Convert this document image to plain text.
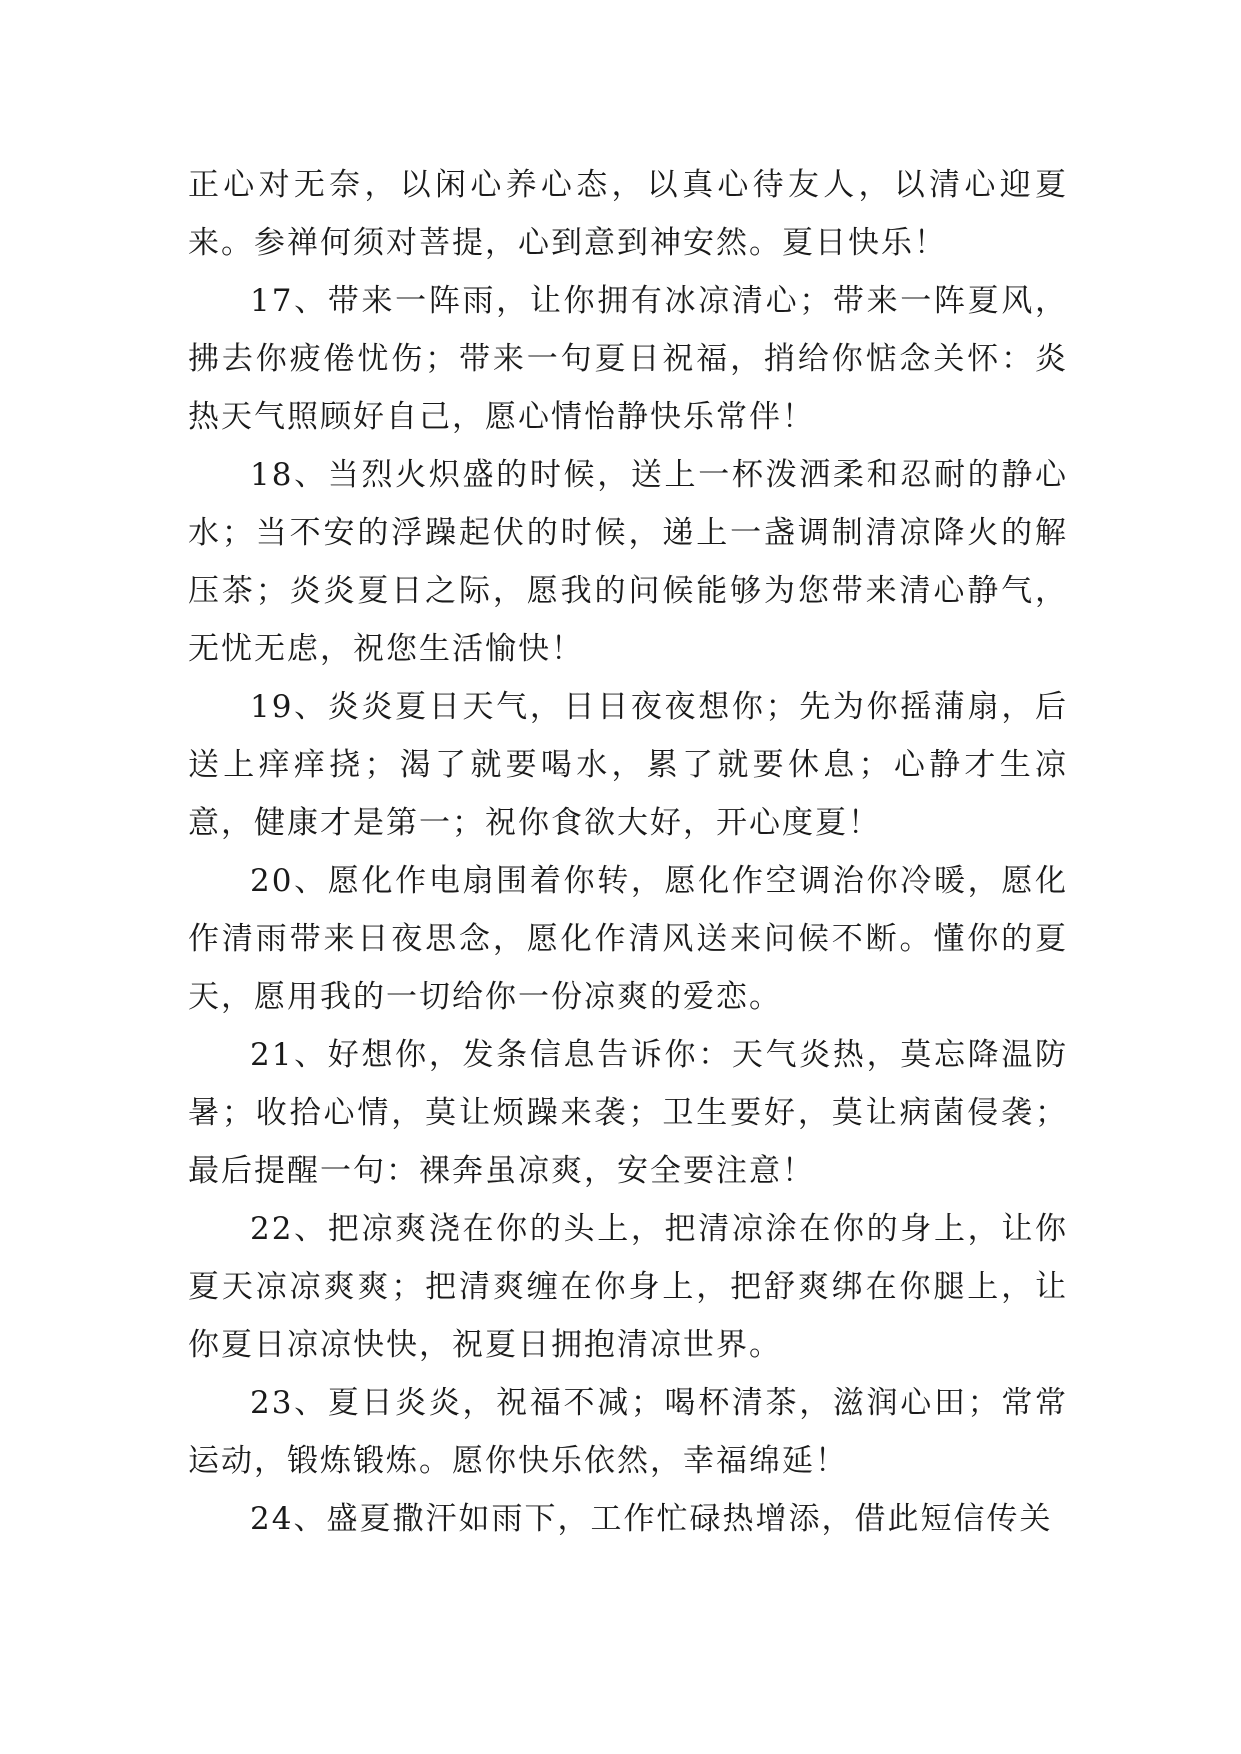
正心对无奈，以闲心养心态，以真心待友人，以清心迎夏来。参禅何须对菩提，心到意到神安然。夏日快乐！

17、带来一阵雨，让你拥有冰凉清心；带来一阵夏风，拂去你疲倦忧伤；带来一句夏日祝福，捎给你惦念关怀：炎热天气照顾好自己，愿心情怡静快乐常伴！

18、当烈火炽盛的时候，送上一杯泼洒柔和忍耐的静心水；当不安的浮躁起伏的时候，递上一盏调制清凉降火的解压茶；炎炎夏日之际，愿我的问候能够为您带来清心静气，无忧无虑，祝您生活愉快！

19、炎炎夏日天气，日日夜夜想你；先为你摇蒲扇，后送上痒痒挠；渴了就要喝水，累了就要休息；心静才生凉意，健康才是第一；祝你食欲大好，开心度夏！

20、愿化作电扇围着你转，愿化作空调治你冷暖，愿化作清雨带来日夜思念，愿化作清风送来问候不断。懂你的夏天，愿用我的一切给你一份凉爽的爱恋。

21、好想你，发条信息告诉你：天气炎热，莫忘降温防暑；收拾心情，莫让烦躁来袭；卫生要好，莫让病菌侵袭；最后提醒一句：裸奔虽凉爽，安全要注意！

22、把凉爽浇在你的头上，把清凉涂在你的身上，让你夏天凉凉爽爽；把清爽缠在你身上，把舒爽绑在你腿上，让你夏日凉凉快快，祝夏日拥抱清凉世界。

23、夏日炎炎，祝福不减；喝杯清茶，滋润心田；常常运动，锻炼锻炼。愿你快乐依然，幸福绵延！

24、盛夏撒汗如雨下，工作忙碌热增添，借此短信传关
